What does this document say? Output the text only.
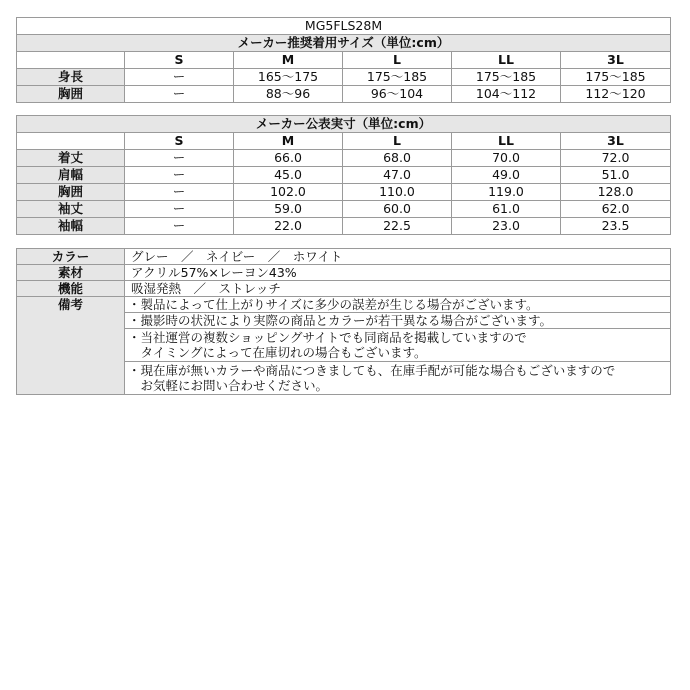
MG5FLS28M					
メーカー推奨着用サイズ（単位:cm）					
	S	M	L	LL	3L
身長	ー	165〜175	175〜185	175〜185	175〜185
胸囲	ー	88〜96	96〜104	104〜112	112〜120
メーカー公表実寸（単位:cm）					
	S	M	L	LL	3L
着丈	ー	66.0	68.0	70.0	72.0
肩幅	ー	45.0	47.0	49.0	51.0
胸囲	ー	102.0	110.0	119.0	128.0
袖丈	ー	59.0	60.0	61.0	62.0
袖幅	ー	22.0	22.5	23.0	23.5
カラー	グレー　／　ネイビー　／　ホワイト
素材	アクリル57%×レーヨン43%
機能	吸湿発熱　／　ストレッチ
備考	・製品によって仕上がりサイズに多少の誤差が生じる場合がございます。
	・撮影時の状況により実際の商品とカラーが若干異なる場合がございます。

	・当社運営の複数ショッピングサイトでも同商品を掲載していますので
　タイミングによって在庫切れの場合もございます。

	・現在庫が無いカラーや商品につきましても、在庫手配が可能な場合もございますので
　お気軽にお問い合わせください。
